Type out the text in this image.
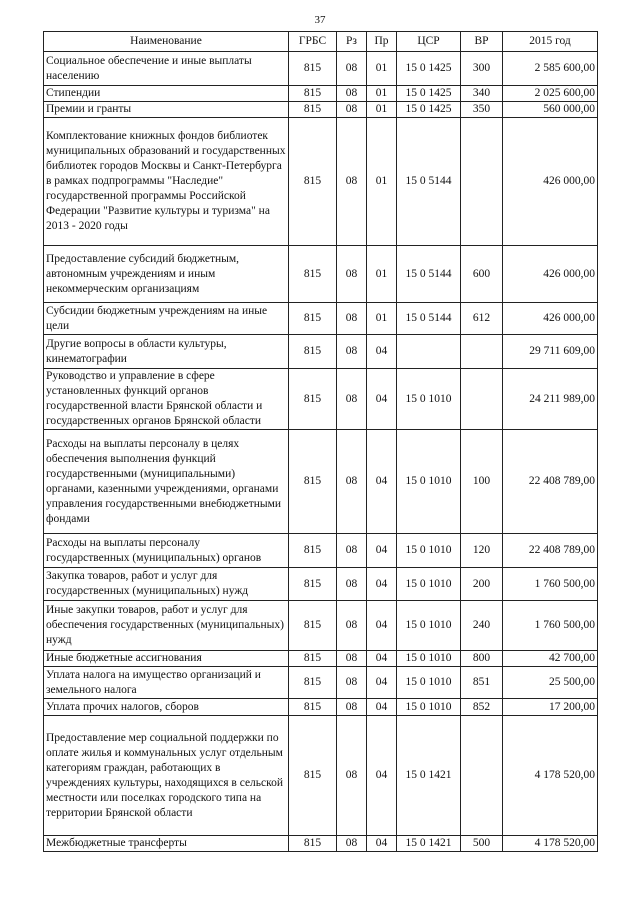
37
Наименование	ГРБС	Рз	Пр	ЦСР	ВР	2015 год
Социальное обеспечение и иные выплаты населению	815	08	01	15 0 1425	300	2 585 600,00
Стипендии	815	08	01	15 0 1425	340	2 025 600,00
Премии и гранты	815	08	01	15 0 1425	350	560 000,00
Комплектование книжных фондов библиотек муниципальных образований и государственных библиотек городов Москвы и Санкт-Петербурга в рамках подпрограммы "Наследие" государственной программы Российской Федерации "Развитие культуры и туризма" на 2013 - 2020 годы	815	08	01	15 0 5144		426 000,00
Предоставление субсидий бюджетным, автономным учреждениям и иным некоммерческим организациям	815	08	01	15 0 5144	600	426 000,00
Субсидии бюджетным учреждениям на иные цели	815	08	01	15 0 5144	612	426 000,00
Другие вопросы в области культуры, кинематографии	815	08	04			29 711 609,00
Руководство и управление в сфере установленных функций органов государственной власти Брянской области и государственных органов Брянской области	815	08	04	15 0 1010		24 211 989,00
Расходы на выплаты персоналу в целях обеспечения выполнения функций государственными (муниципальными) органами, казенными учреждениями, органами управления государственными внебюджетными фондами	815	08	04	15 0 1010	100	22 408 789,00
Расходы на выплаты персоналу государственных (муниципальных) органов	815	08	04	15 0 1010	120	22 408 789,00
Закупка товаров, работ и услуг для государственных (муниципальных) нужд	815	08	04	15 0 1010	200	1 760 500,00
Иные закупки товаров, работ и услуг для обеспечения государственных (муниципальных) нужд	815	08	04	15 0 1010	240	1 760 500,00
Иные бюджетные ассигнования	815	08	04	15 0 1010	800	42 700,00
Уплата налога на имущество организаций и земельного налога	815	08	04	15 0 1010	851	25 500,00
Уплата прочих налогов, сборов	815	08	04	15 0 1010	852	17 200,00
Предоставление мер социальной поддержки по оплате жилья и коммунальных услуг отдельным категориям граждан, работающих в учреждениях культуры, находящихся в сельской местности или поселках городского типа на территории Брянской области	815	08	04	15 0 1421		4 178 520,00
Межбюджетные трансферты	815	08	04	15 0 1421	500	4 178 520,00
